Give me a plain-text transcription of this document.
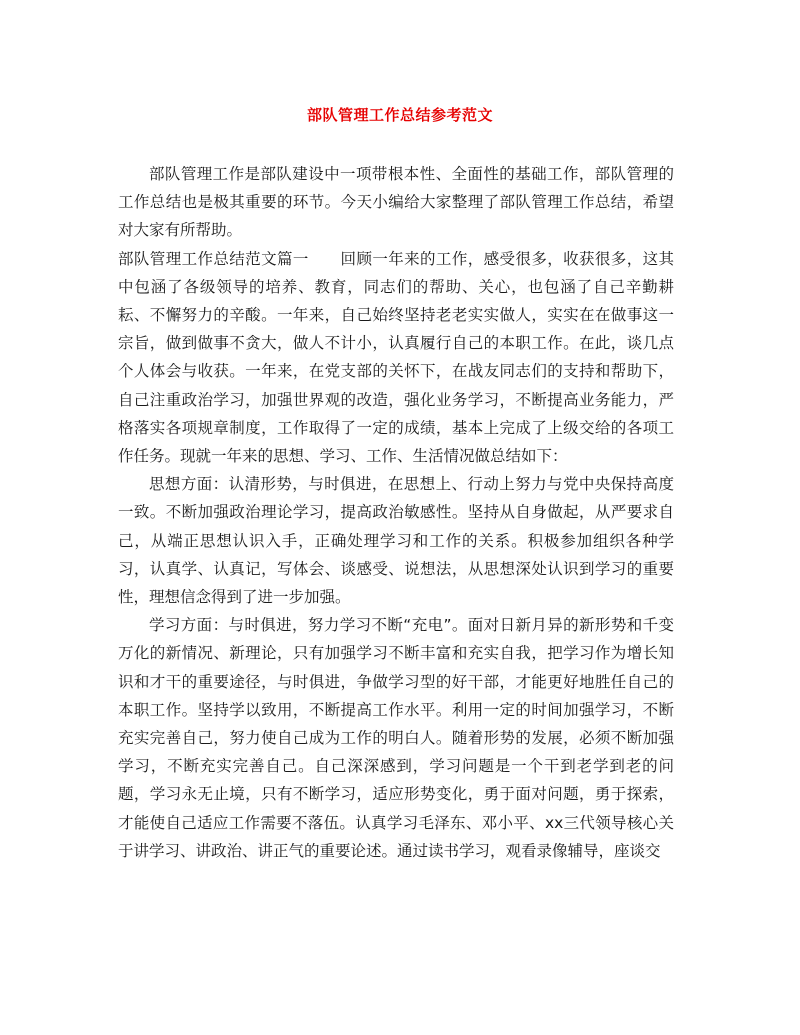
部队管理工作总结参考范文

部队管理工作是部队建设中一项带根本性、全面性的基础工作，部队管理的工作总结也是极其重要的环节。今天小编给大家整理了部队管理工作总结，希望对大家有所帮助。

部队管理工作总结范文篇一　　回顾一年来的工作，感受很多，收获很多，这其中包涵了各级领导的培养、教育，同志们的帮助、关心，也包涵了自己辛勤耕耘、不懈努力的辛酸。一年来，自己始终坚持老老实实做人，实实在在做事这一宗旨，做到做事不贪大，做人不计小，认真履行自己的本职工作。在此，谈几点个人体会与收获。一年来，在党支部的关怀下，在战友同志们的支持和帮助下，自己注重政治学习，加强世界观的改造，强化业务学习，不断提高业务能力，严格落实各项规章制度，工作取得了一定的成绩，基本上完成了上级交给的各项工作任务。现就一年来的思想、学习、工作、生活情况做总结如下：

思想方面：认清形势，与时俱进，在思想上、行动上努力与党中央保持高度一致。不断加强政治理论学习，提高政治敏感性。坚持从自身做起，从严要求自己，从端正思想认识入手，正确处理学习和工作的关系。积极参加组织各种学习，认真学、认真记，写体会、谈感受、说想法，从思想深处认识到学习的重要性，理想信念得到了进一步加强。

学习方面：与时俱进，努力学习不断“充电”。面对日新月异的新形势和千变万化的新情况、新理论，只有加强学习不断丰富和充实自我，把学习作为增长知识和才干的重要途径，与时俱进，争做学习型的好干部，才能更好地胜任自己的本职工作。坚持学以致用，不断提高工作水平。利用一定的时间加强学习，不断充实完善自己，努力使自己成为工作的明白人。随着形势的发展，必须不断加强学习，不断充实完善自己。自己深深感到，学习问题是一个干到老学到老的问题，学习永无止境，只有不断学习，适应形势变化，勇于面对问题，勇于探索，才能使自己适应工作需要不落伍。认真学习毛泽东、邓小平、xx三代领导核心关于讲学习、讲政治、讲正气的重要论述。通过读书学习，观看录像辅导，座谈交
